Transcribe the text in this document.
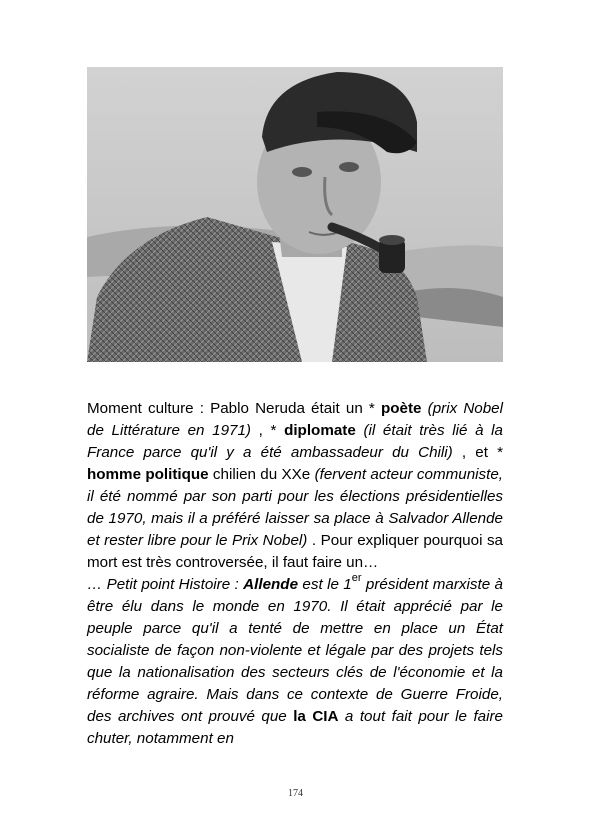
Moment culture : Pablo Neruda était un * poète (prix Nobel de Littérature en 1971) , * diplomate (il était très lié à la France parce qu'il y a été ambassadeur du Chili) , et * homme politique chilien du XXe (fervent acteur communiste, il été nommé par son parti pour les élections présidentielles de 1970, mais il a préféré laisser sa place à Salvador Allende et rester libre pour le Prix Nobel) . Pour expliquer pourquoi sa mort est très controversée, il faut faire un…

… Petit point Histoire : Allende est le 1er président marxiste à être élu dans le monde en 1970. Il était apprécié par le peuple parce qu'il a tenté de mettre en place un État socialiste de façon non-violente et légale par des projets tels que la nationalisation des secteurs clés de l'économie et la réforme agraire. Mais dans ce contexte de Guerre Froide, des archives ont prouvé que la CIA a tout fait pour le faire chuter, notamment en

174
